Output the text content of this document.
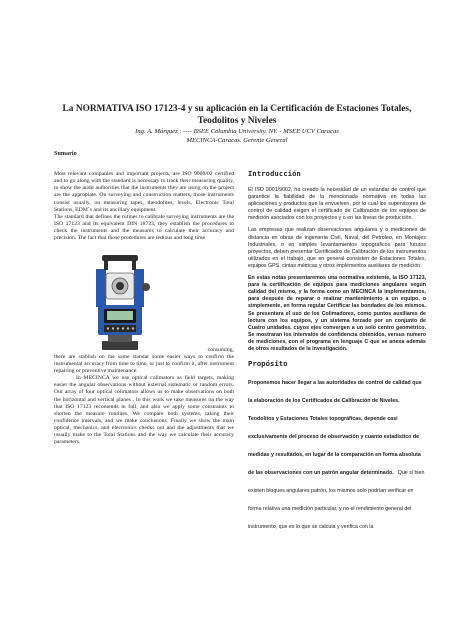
La NORMATIVA ISO 17123-4 y su aplicación en la Certificación de Estaciones Totales,
Teodolitos y Niveles
Ing. A. Márquez ; ---- BSEE Columbia University. NY. - MSEE UCV Caracas
MECINCA-Caracas. Gerente General
Sumario

Most relevant companies and important projects, are ISO 9000/02 certified and to go along with the standard is necessary to track their measuring quality, to show the audit authorities that the instruments they are using on the project are the appropiate. On surveying and construction matters, those instruments consist usually, on measuring tapes, theodolites, levels, Electronic Total Stations, EDM´s and its ancillary equipment.

The standard that defines the rutines to calibrate surveying instruments are the ISO 17123 and its equivalent DIN 18723, they establish the procedures to check the instruments and the measures to calculate their accuracy and precision. The fact that those procedures are tedious and long time

consuming,

there are stablish on the same standar some easier ways to confirm the instrumental accuracy from time to time, or just to confirm it, after instrument repairing or preventive maintenance.

In MECINCA we use optical colimators as field targets, making easier the angular observations without external sistematic or random errors. Our array of four optical colimators allows us to make observations on both the horizontal and vertical planes . In this work we take measures on the way that ISO 17123 recomends in full, and also we apply some constraints to shorten the measure routines. We compare both systems, taking their confidence intervals, and we make conclusions. Finally we show the main optical, mechanics, and electronics checks out and the adjustments that we usually make to the Total Stations and the way we calculate their accuracy parameters.

Introducción

El ISO 9001/9002, ha creado la necesidad de un estandar de control que garantice la fiabilidad de la mencionada normativa en todas las aplicaciones y productos que la envuelven, por lo cual los supervisores de control de calidad exigen el certificado de Calibración de los equipos de medición asociados con los proyectos y o en las lineas de producción.

Las empresas que realizan observaciones angulares y o mediciones de distancia en obras de ingeniería Civil, Naval, del Petroleo, en Montajes Industriales, o en simples levantamientos topográficos para futuros proyectos, deben presentar Certificados de Calibración de los instrumentos utilizados en el trabajo, que en general consisten de Estaciones Totales, equipos GPS, cintas métricas y otros implementos auxiliares de medición.

En estas notas presentaremos una normativa existente, la ISO 17123, para la certificación de equipos para mediciones angulares según calidad del mismo, y la forma como en MECINCA la implementamos, para después de reparar o realizar mantenimiento a un equipo, o simplemente, en forma regular Certificar las bondades de los mismos. Se presentara el uso de los Colimadores, como puntos auxiliares de lectura con los equipos, y un sistema forzado por un conjunto de Cuatro unidades, cuyos ejes convergen a un solo centro geométrico. Se mostraran los intervalos de confidencia obtenidos, versus numero de mediciones, con el programa en lenguaje C que se anexa además de otros resultados de la investigación.

Propósito

Proponemos hacer llegar a las autoridades de control de calidad que la elaboración de los Certificados de Calibración de Niveles, Teodolitos y Estaciones Totales topográficas, depende casi exclusivamente del proceso de observación y cuanto estadistico de medidas y resultados, en lugar de la comparación en forma absoluta de las observaciones con un patrón angular determinado. Que si bien existen bloques angulares patrón, los mismos solo podrían verificar en forma relativa una medición particular, y no el rendimiento general del instrumento, que es lo que se calcula y verifica con la
